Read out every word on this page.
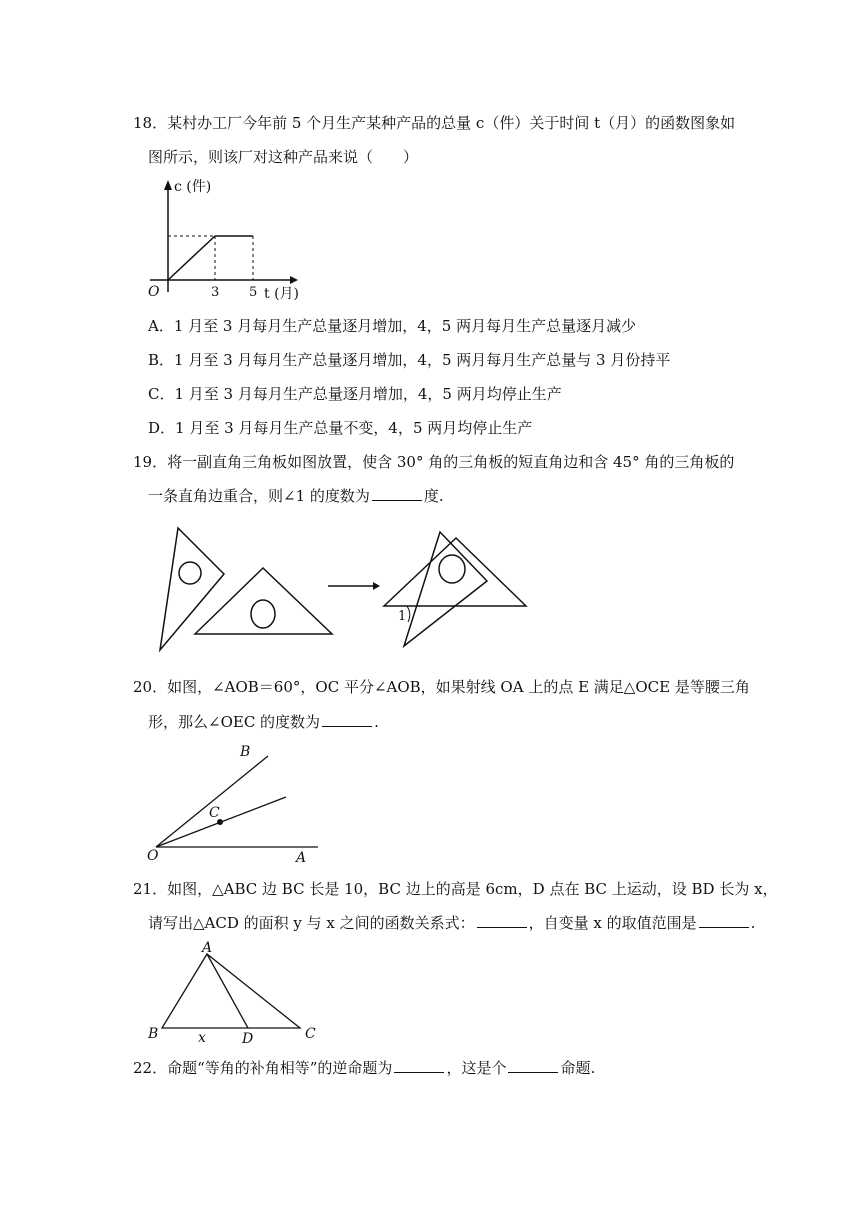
18．某村办工厂今年前 5 个月生产某种产品的总量 c（件）关于时间 t（月）的函数图象如
图所示，则该厂对这种产品来说（　　）
c (件)
O	3 5 t (月)
A．1 月至 3 月每月生产总量逐月增加，4，5 两月每月生产总量逐月减少
B．1 月至 3 月每月生产总量逐月增加，4，5 两月每月生产总量与 3 月份持平
C．1 月至 3 月每月生产总量逐月增加，4，5 两月均停止生产
D．1 月至 3 月每月生产总量不变，4，5 两月均停止生产
19．将一副直角三角板如图放置，使含 30° 角的三角板的短直角边和含 45° 角的三角板的
一条直角边重合，则∠1 的度数为	度.
1
20．如图，∠AOB＝60°，OC 平分∠AOB，如果射线 OA 上的点 E 满足△OCE 是等腰三角
形，那么∠OEC 的度数为	.
B
C
O	A
21．如图，△ABC 边 BC 长是 10，BC 边上的高是 6cm，D 点在 BC 上运动，设 BD 长为 x，
请写出△ACD 的面积 y 与 x 之间的函数关系式：	，自变量 x 的取值范围是	.
A
B	C
D
x
22．命题“等角的补角相等”的逆命题为	，这是个	命题.
